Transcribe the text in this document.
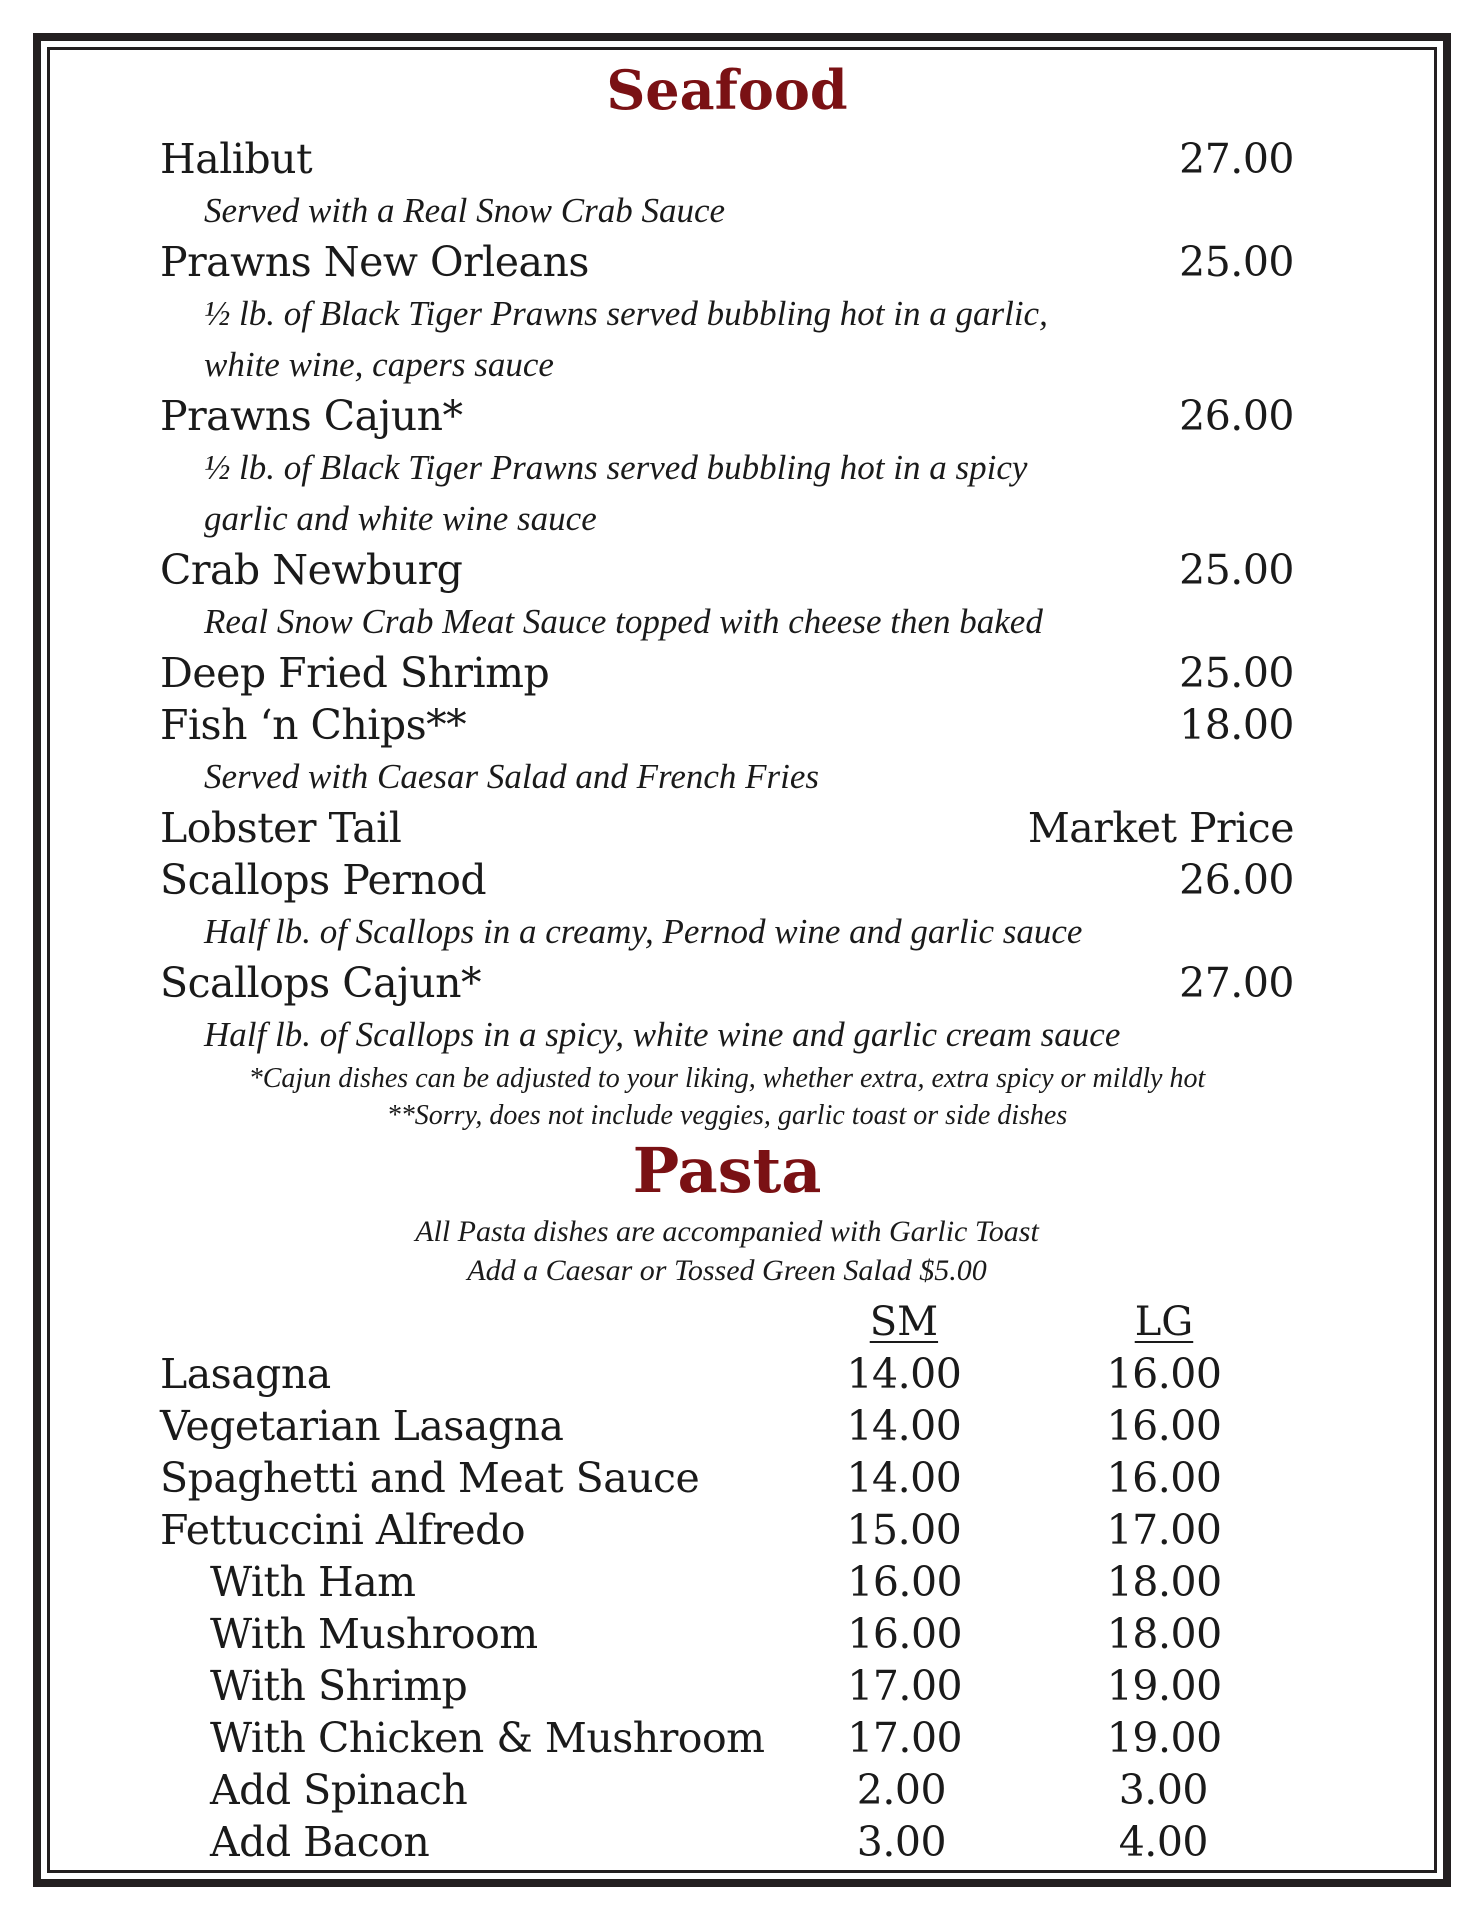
Seafood
Halibut	27.00
Served with a Real Snow Crab Sauce
Prawns New Orleans	25.00
½ lb. of Black Tiger Prawns served bubbling hot in a garlic,
white wine, capers sauce
Prawns Cajun*	26.00
½ lb. of Black Tiger Prawns served bubbling hot in a spicy
garlic and white wine sauce
Crab Newburg	25.00
Real Snow Crab Meat Sauce topped with cheese then baked
Deep Fried Shrimp	25.00
Fish ‘n Chips**	18.00
Served with Caesar Salad and French Fries
Lobster Tail	Market Price
Scallops Pernod	26.00
Half lb. of Scallops in a creamy, Pernod wine and garlic sauce
Scallops Cajun*	27.00
Half lb. of Scallops in a spicy, white wine and garlic cream sauce
*Cajun dishes can be adjusted to your liking, whether extra, extra spicy or mildly hot
**Sorry, does not include veggies, garlic toast or side dishes
Pasta
All Pasta dishes are accompanied with Garlic Toast
Add a Caesar or Tossed Green Salad $5.00
SM	LG
Lasagna	14.00	16.00
Vegetarian Lasagna	14.00	16.00
Spaghetti and Meat Sauce	14.00	16.00
Fettuccini Alfredo	15.00	17.00
With Ham	16.00	18.00
With Mushroom	16.00	18.00
With Shrimp	17.00	19.00
With Chicken & Mushroom	17.00	19.00
Add Spinach	2.00	3.00
Add Bacon	3.00	4.00
